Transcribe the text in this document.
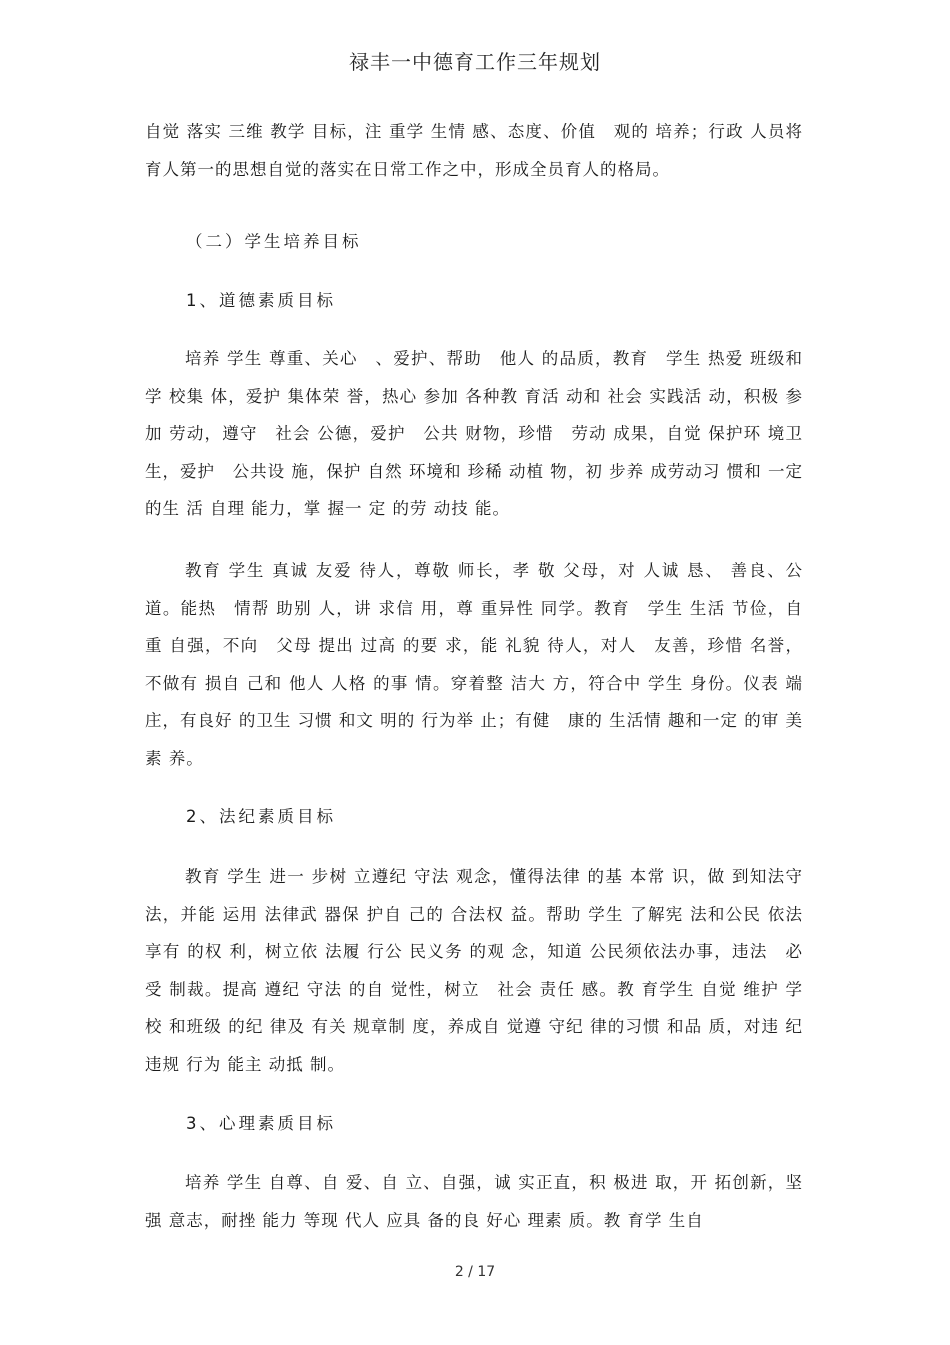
禄丰一中德育工作三年规划

自觉 落实 三维 教学 目标，注 重学 生情 感、态度、价值　观的 培养；行政 人员将育人第一的思想自觉的落实在日常工作之中，形成全员育人的格局。

（二）学生培养目标
1、道德素质目标

培养 学生 尊重、关心　、爱护、帮助　他人 的品质，教育　学生 热爱 班级和学 校集 体，爱护 集体荣 誉，热心 参加 各种教 育活 动和 社会 实践活 动，积极 参加 劳动，遵守　社会 公德，爱护　公共 财物，珍惜　劳动 成果，自觉 保护环 境卫 生，爱护　公共设 施，保护 自然 环境和 珍稀 动植 物，初 步养 成劳动习 惯和 一定 的生 活 自理 能力，掌 握一 定 的劳 动技 能。

教育 学生 真诚 友爱 待人，尊敬 师长，孝 敬 父母，对 人诚 恳、 善良、公道。能热　情帮 助别 人，讲 求信 用，尊 重异性 同学。教育　学生 生活 节俭，自重 自强，不向　父母 提出 过高 的要 求，能 礼貌 待人，对人　友善，珍惜 名誉，不做有 损自 己和 他人 人格 的事 情。穿着整 洁大 方，符合中 学生 身份。仪表 端庄，有良好 的卫生 习惯 和文 明的 行为举 止；有健　康的 生活情 趣和一定 的审 美素 养。

2、法纪素质目标

教育 学生 进一 步树 立遵纪 守法 观念，懂得法律 的基 本常 识，做 到知法守 法，并能 运用 法律武 器保 护自 己的 合法权 益。帮助 学生 了解宪 法和公民 依法 享有 的权 利，树立依 法履 行公 民义务 的观 念，知道 公民须依法办事，违法　必受 制裁。提高 遵纪 守法 的自 觉性，树立　社会 责任 感。教 育学生 自觉 维护 学校 和班级 的纪 律及 有关 规章制 度，养成自 觉遵 守纪 律的习惯 和品 质，对违 纪违规 行为 能主 动抵 制。

3、心理素质目标

培养 学生 自尊、自 爱、自 立、自强，诚 实正直，积 极进 取，开 拓创新，坚强 意志，耐挫 能力 等现 代人 应具 备的良 好心 理素 质。教 育学 生自

2 / 17
